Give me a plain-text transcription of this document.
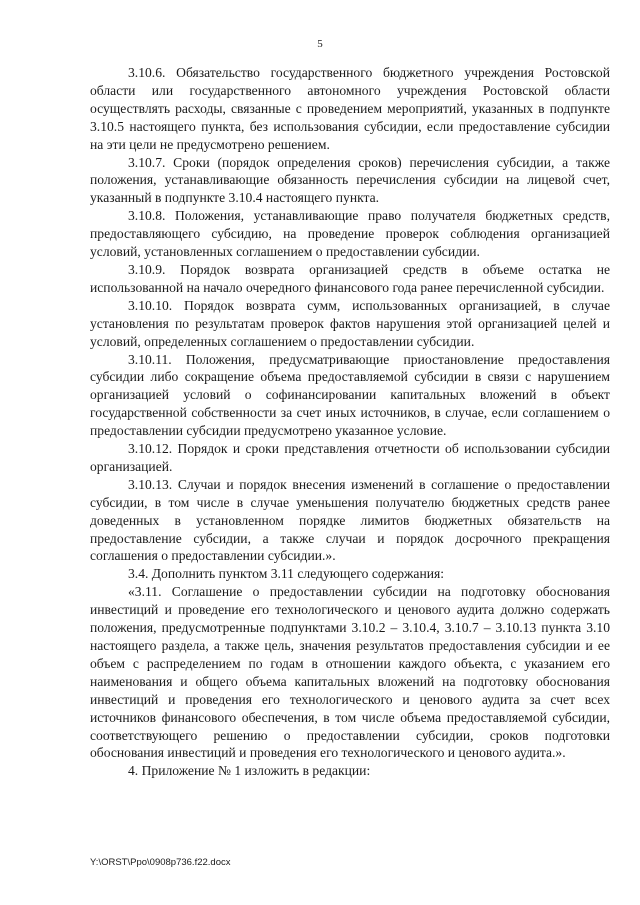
5

3.10.6. Обязательство государственного бюджетного учреждения Ростовской области или государственного автономного учреждения Ростовской области осуществлять расходы, связанные с проведением мероприятий, указанных в подпункте 3.10.5 настоящего пункта, без использования субсидии, если предоставление субсидии на эти цели не предусмотрено решением.

3.10.7. Сроки (порядок определения сроков) перечисления субсидии, а также положения, устанавливающие обязанность перечисления субсидии на лицевой счет, указанный в подпункте 3.10.4 настоящего пункта.

3.10.8. Положения, устанавливающие право получателя бюджетных средств, предоставляющего субсидию, на проведение проверок соблюдения организацией условий, установленных соглашением о предоставлении субсидии.

3.10.9. Порядок возврата организацией средств в объеме остатка не использованной на начало очередного финансового года ранее перечисленной субсидии.

3.10.10. Порядок возврата сумм, использованных организацией, в случае установления по результатам проверок фактов нарушения этой организацией целей и условий, определенных соглашением о предоставлении субсидии.

3.10.11. Положения, предусматривающие приостановление предоставления субсидии либо сокращение объема предоставляемой субсидии в связи с нарушением организацией условий о софинансировании капитальных вложений в объект государственной собственности за счет иных источников, в случае, если соглашением о предоставлении субсидии предусмотрено указанное условие.

3.10.12. Порядок и сроки представления отчетности об использовании субсидии организацией.

3.10.13. Случаи и порядок внесения изменений в соглашение о предоставлении субсидии, в том числе в случае уменьшения получателю бюджетных средств ранее доведенных в установленном порядке лимитов бюджетных обязательств на предоставление субсидии, а также случаи и порядок досрочного прекращения соглашения о предоставлении субсидии.».

3.4. Дополнить пунктом 3.11 следующего содержания:

«3.11. Соглашение о предоставлении субсидии на подготовку обоснования инвестиций и проведение его технологического и ценового аудита должно содержать положения, предусмотренные подпунктами 3.10.2 – 3.10.4, 3.10.7 – 3.10.13 пункта 3.10 настоящего раздела, а также цель, значения результатов предоставления субсидии и ее объем с распределением по годам в отношении каждого объекта, с указанием его наименования и общего объема капитальных вложений на подготовку обоснования инвестиций и проведения его технологического и ценового аудита за счет всех источников финансового обеспечения, в том числе объема предоставляемой субсидии, соответствующего решению о предоставлении субсидии, сроков подготовки обоснования инвестиций и проведения его технологического и ценового аудита.».

4. Приложение № 1 изложить в редакции:

Y:\ORST\Ppo\0908p736.f22.docx
